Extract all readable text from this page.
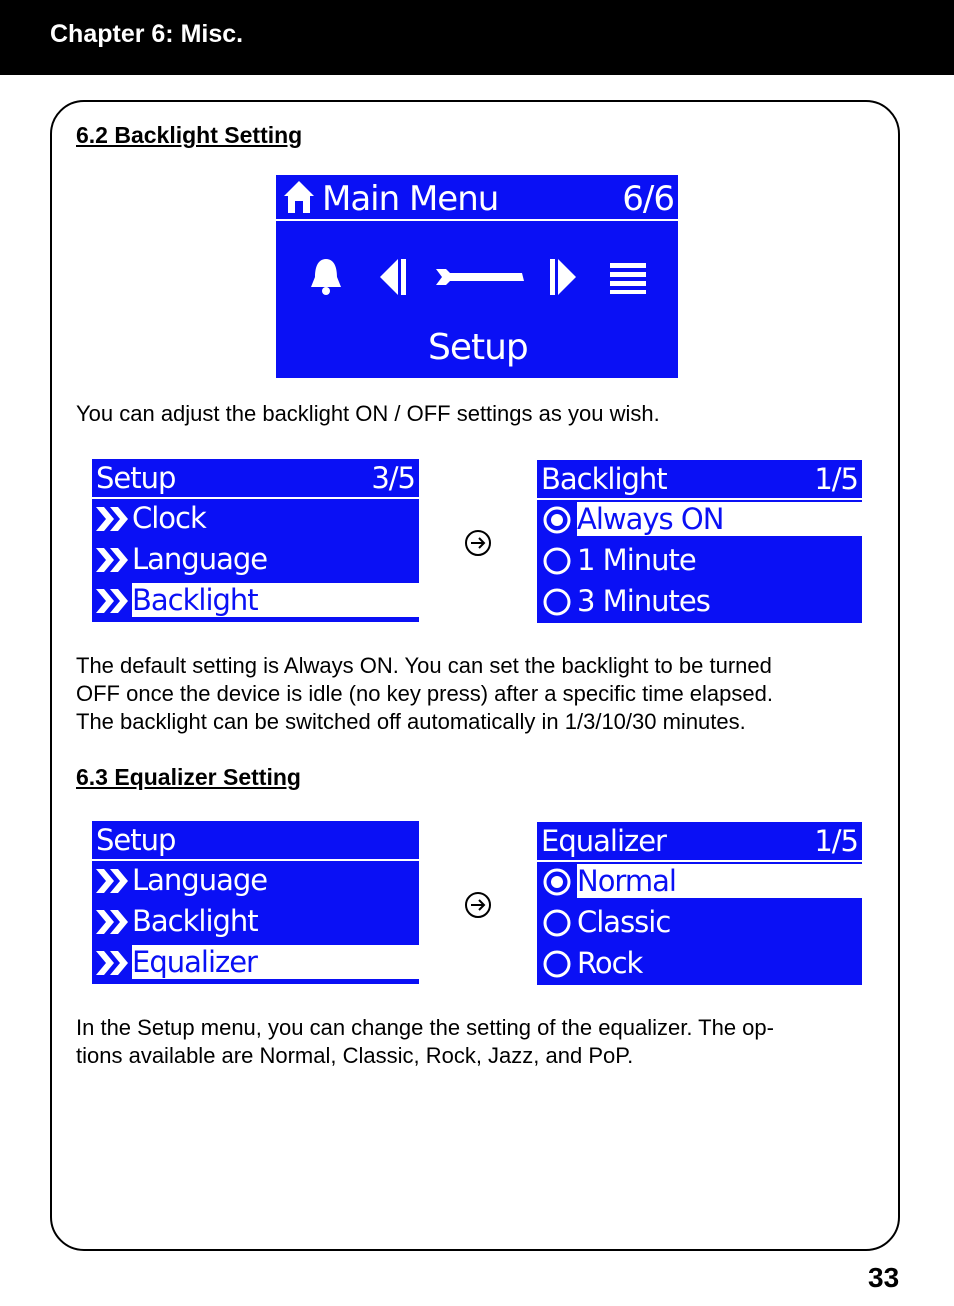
Chapter 6: Misc.
6.2 Backlight Setting
Main Menu	6/6
Setup
You can adjust the backlight ON / OFF settings as you wish.
Setup	3/5
Clock
Language
Backlight
Backlight	1/5
Always ON
1 Minute
3 Minutes
The default setting is Always ON. You can set the backlight to be turned
OFF once the device is idle (no key press) after a specific time elapsed.
The backlight can be switched off automatically in 1/3/10/30 minutes.
6.3 Equalizer Setting
Setup
Language
Backlight
Equalizer
Equalizer	1/5
Normal
Classic
Rock
In the Setup menu, you can change the setting of the equalizer. The op-
tions available are Normal, Classic, Rock, Jazz, and PoP.
33
